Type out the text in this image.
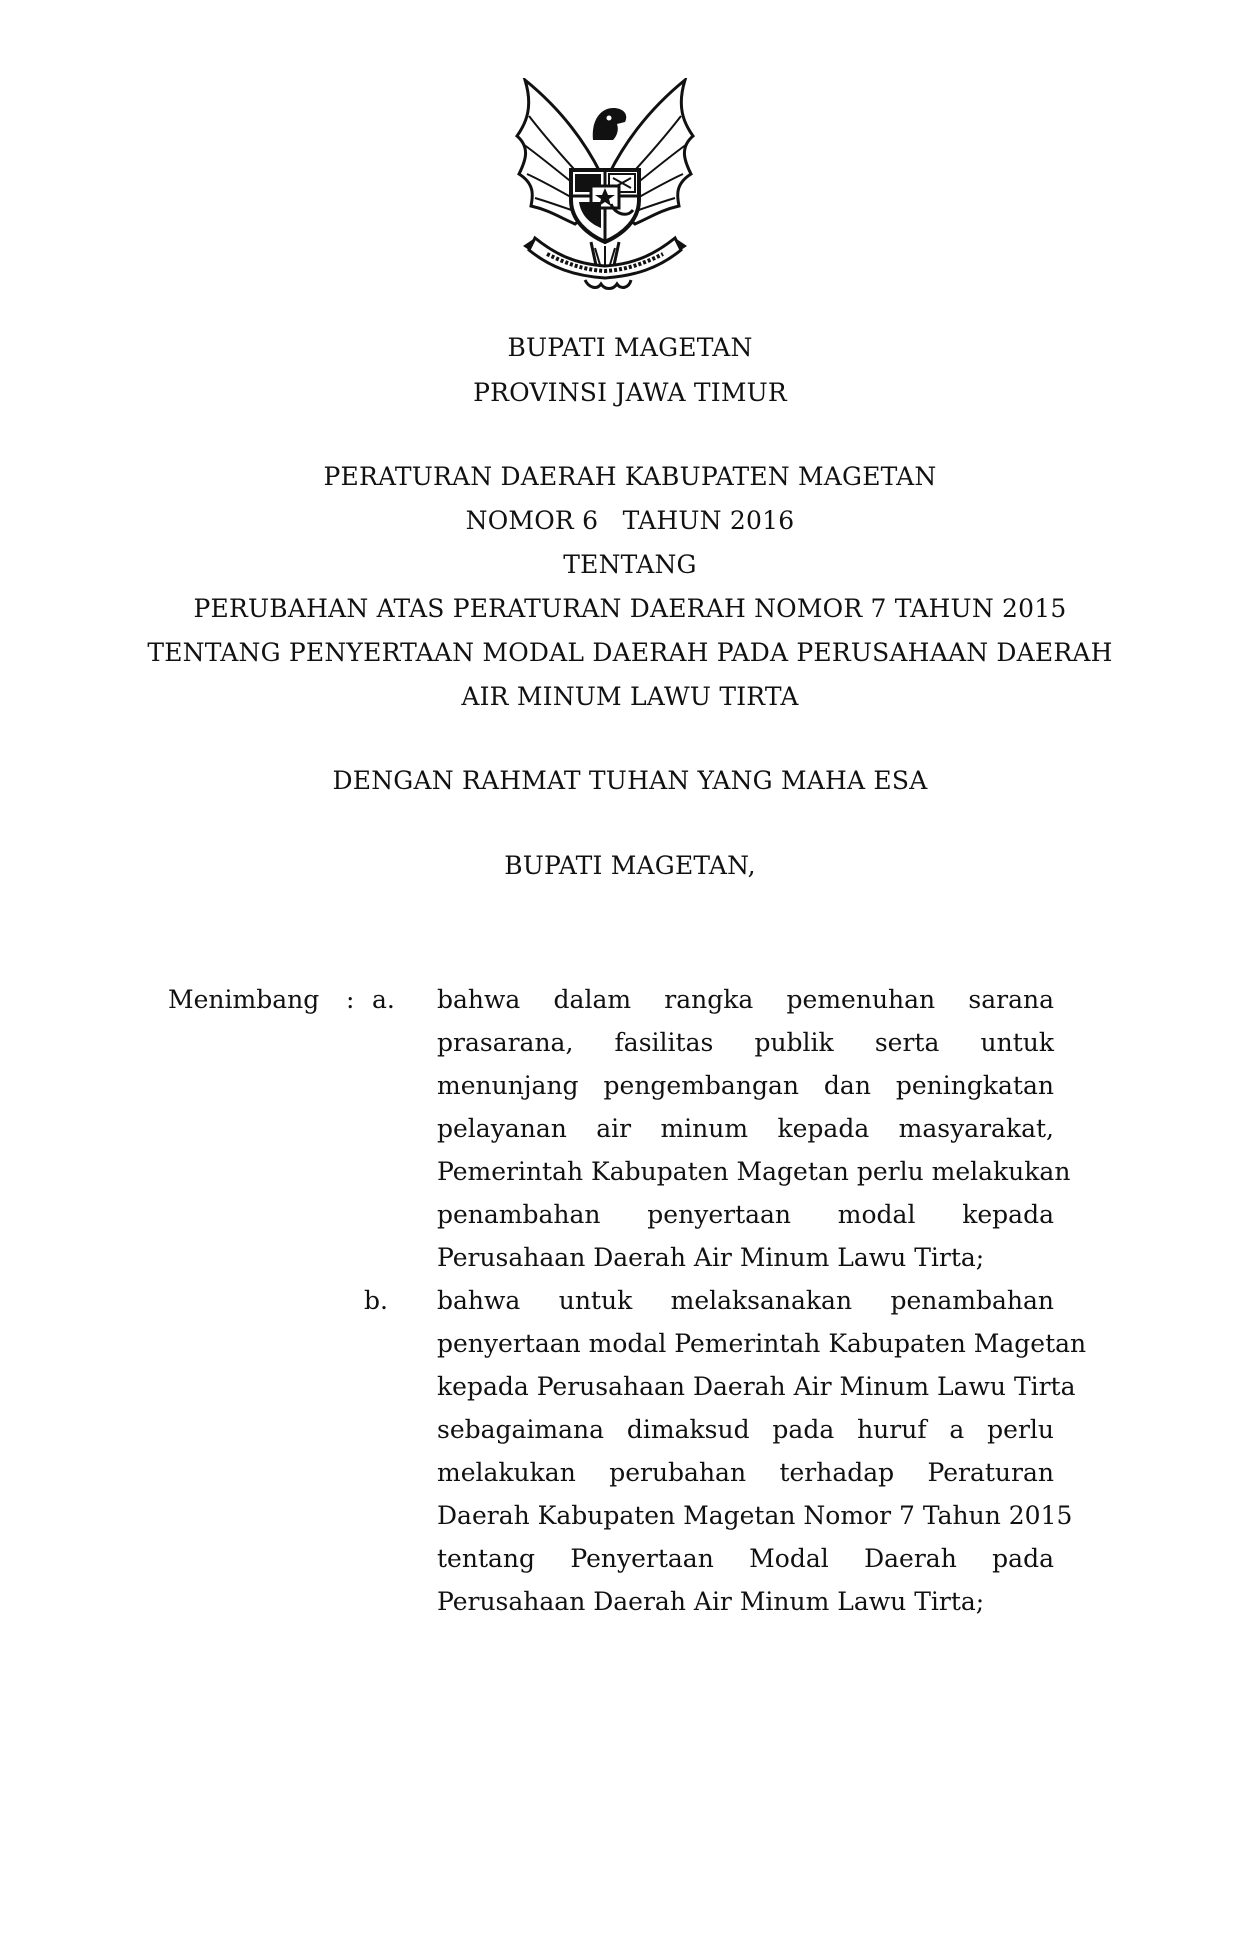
BUPATI MAGETAN
PROVINSI JAWA TIMUR
PERATURAN DAERAH KABUPATEN MAGETAN
NOMOR 6   TAHUN 2016
TENTANG
PERUBAHAN ATAS PERATURAN DAERAH NOMOR 7 TAHUN 2015
TENTANG PENYERTAAN MODAL DAERAH PADA PERUSAHAAN DAERAH
AIR MINUM LAWU TIRTA
DENGAN RAHMAT TUHAN YANG MAHA ESA
BUPATI MAGETAN,
Menimbang : a. bahwa dalam rangka pemenuhan sarana
prasarana, fasilitas publik serta untuk
menunjang pengembangan dan peningkatan
pelayanan air minum kepada masyarakat,
Pemerintah Kabupaten Magetan perlu melakukan
penambahan penyertaan modal kepada
Perusahaan Daerah Air Minum Lawu Tirta;
b. bahwa untuk melaksanakan penambahan
penyertaan modal Pemerintah Kabupaten Magetan
kepada Perusahaan Daerah Air Minum Lawu Tirta
sebagaimana dimaksud pada huruf a perlu
melakukan perubahan terhadap Peraturan
Daerah Kabupaten Magetan Nomor 7 Tahun 2015
tentang Penyertaan Modal Daerah pada
Perusahaan Daerah Air Minum Lawu Tirta;
